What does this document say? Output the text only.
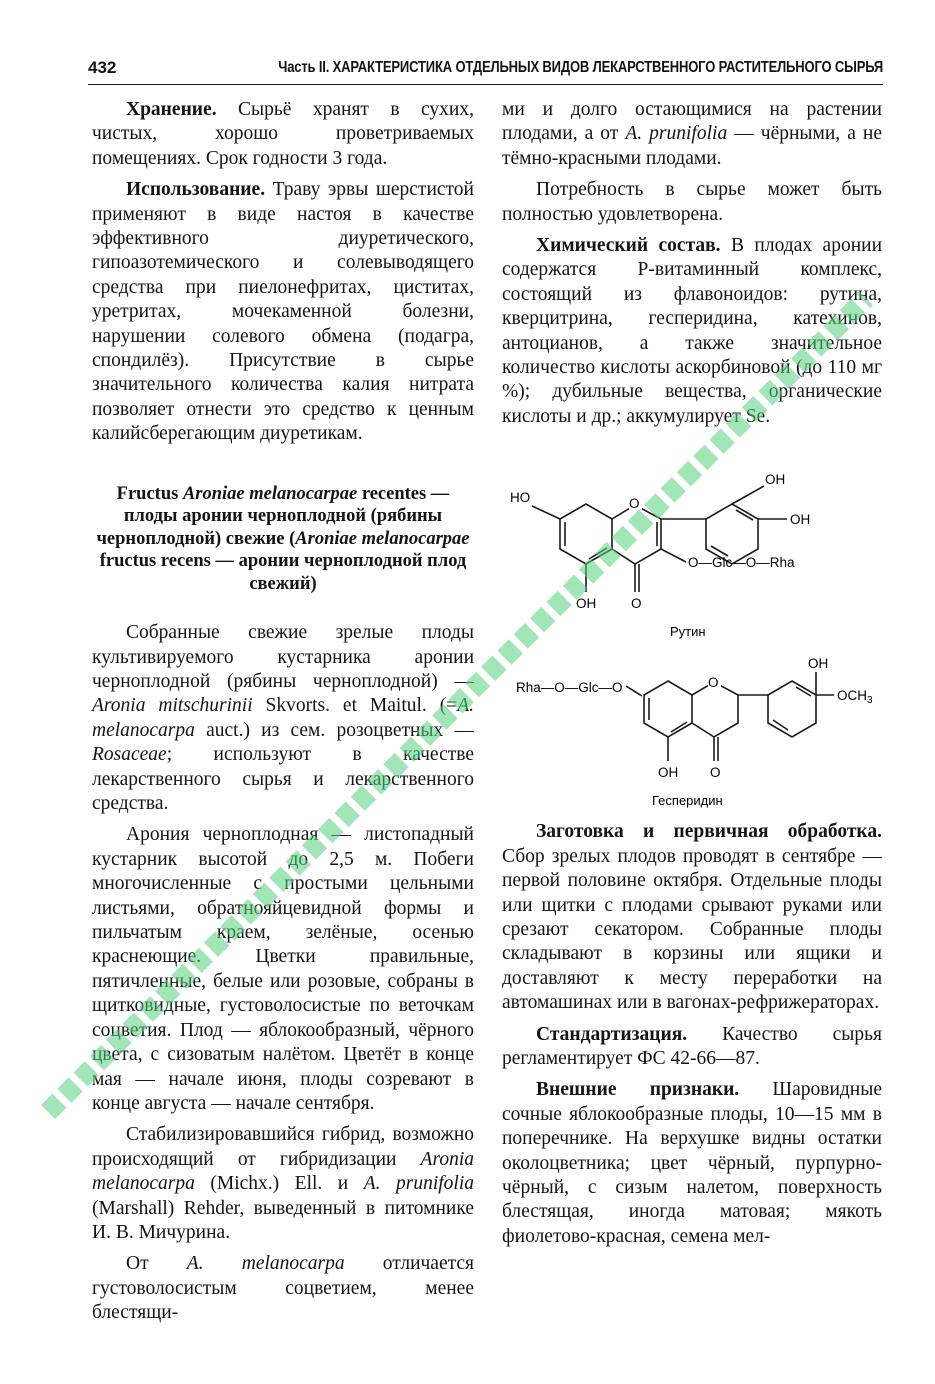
432	Часть II. ХАРАКТЕРИСТИКА ОТДЕЛЬНЫХ ВИДОВ ЛЕКАРСТВЕННОГО РАСТИТЕЛЬНОГО СЫРЬЯ

Хранение. Сырьё хранят в сухих, чистых, хорошо проветриваемых помещениях. Срок годности 3 года.

Использование. Траву эрвы шерстистой применяют в виде настоя в качестве эффективного диуретического, гипоазотемического и солевыводящего средства при пиелонефритах, циститах, уретритах, мочекаменной болезни, нарушении солевого обмена (подагра, спондилёз). Присутствие в сырье значительного количества калия нитрата позволяет отнести это средство к ценным калийсберегающим диуретикам.

Fructus Aroniae melanocarpae recentes — плоды аронии черноплодной (рябины черноплодной) свежие (Aroniae melanocarpae fructus recens — аронии черноплодной плод свежий)

Собранные свежие зрелые плоды культивируемого кустарника аронии черноплодной (рябины черноплодной) — Aronia mitschurinii Skvorts. et Maitul. (=A. melanocarpa auct.) из сем. розоцветных — Rosaceae; используют в качестве лекарственного сырья и лекарственного средства.

Арония черноплодная — листопадный кустарник высотой до 2,5 м. Побеги многочисленные с простыми цельными листьями, обратнояйцевидной формы и пильчатым краем, зелёные, осенью краснеющие. Цветки правильные, пятичленные, белые или розовые, собраны в щитковидные, густоволосистые по веточкам соцветия. Плод — яблокообразный, чёрного цвета, с сизоватым налётом. Цветёт в конце мая — начале июня, плоды созревают в конце августа — начале сентября.

Стабилизировавшийся гибрид, возможно происходящий от гибридизации Aronia melanocarpa (Michx.) Ell. и A. prunifolia (Marshall) Rehder, выведенный в питомнике И. В. Мичурина.

От A. melanocarpa отличается густоволосистым соцветием, менее блестящи-

ми и долго остающимися на растении плодами, а от A. prunifolia — чёрными, а не тёмно-красными плодами.

Потребность в сырье может быть полностью удовлетворена.

Химический состав. В плодах аронии содержатся Р-витаминный комплекс, состоящий из флавоноидов: рутина, кверцитрина, гесперидина, катехинов, антоцианов, а также значительное количество кислоты аскорбиновой (до 110 мг %); дубильные вещества, органические кислоты и др.; аккумулирует Se.

O
HO
OH
OH
OH	O
O—Glc—O—Rha
Рутин
O
Rha—O—Glc—O
OH
$OCH_3$
OH O
Гесперидин

Заготовка и первичная обработка. Сбор зрелых плодов проводят в сентябре — первой половине октября. Отдельные плоды или щитки с плодами срывают руками или срезают секатором. Собранные плоды складывают в корзины или ящики и доставляют к месту переработки на автомашинах или в вагонах-рефрижераторах.

Стандартизация. Качество сырья регламентирует ФС 42-66—87.

Внешние признаки. Шаровидные сочные яблокообразные плоды, 10—15 мм в поперечнике. На верхушке видны остатки околоцветника; цвет чёрный, пурпурно-чёрный, с сизым налетом, поверхность блестящая, иногда матовая; мякоть фиолетово-красная, семена мел-
